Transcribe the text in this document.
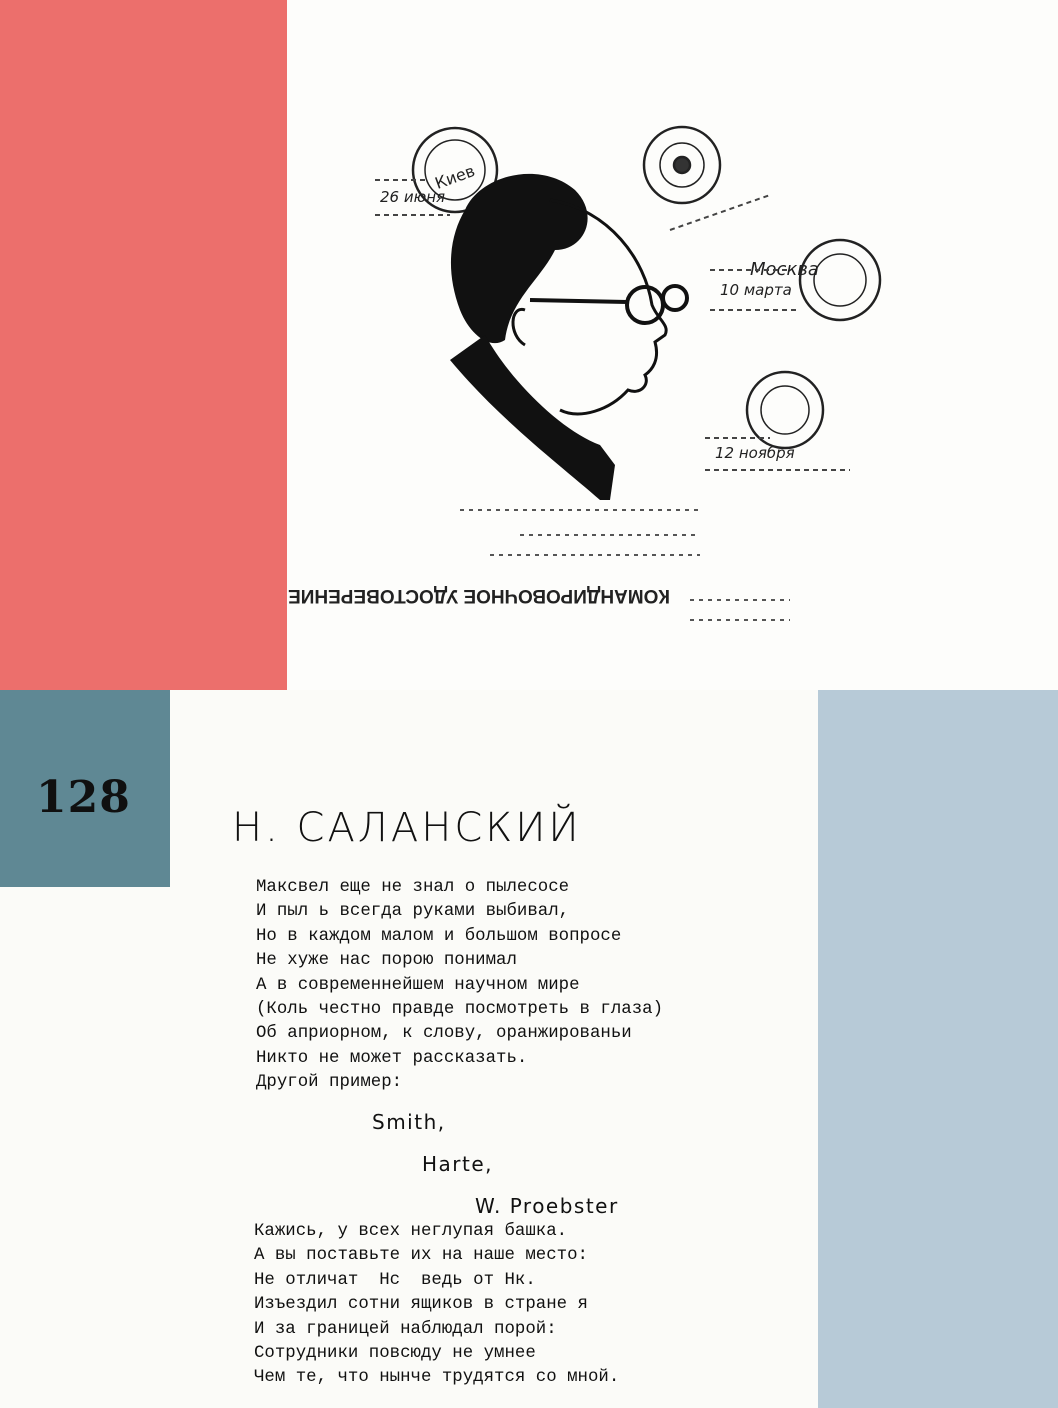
Киев
26 июня
Москва
10 марта
12 ноября
КОМАНДИРОВОЧНОЕ УДОСТОВЕРЕНИЕ
128
Н. САЛАНСКИЙ
Максвел еще не знал о пылесосе
И пыл ь всегда руками выбивал,
Но в каждом малом и большом вопросе
Не хуже нас порою понимал
А в современнейшем научном мире
(Коль честно правде посмотреть в глаза)
Об априорном, к слову, оранжированьи
Никто не может рассказать.
Другой пример:
Smith,
Harte,
W. Proebster
Кажись, у всех неглупая башка.
А вы поставьте их на наше место:
Не отличат  Hс  ведь от Hк.
Изъездил сотни ящиков в стране я
И за границей наблюдал порой:
Сотрудники повсюду не умнее
Чем те, что нынче трудятся со мной.
